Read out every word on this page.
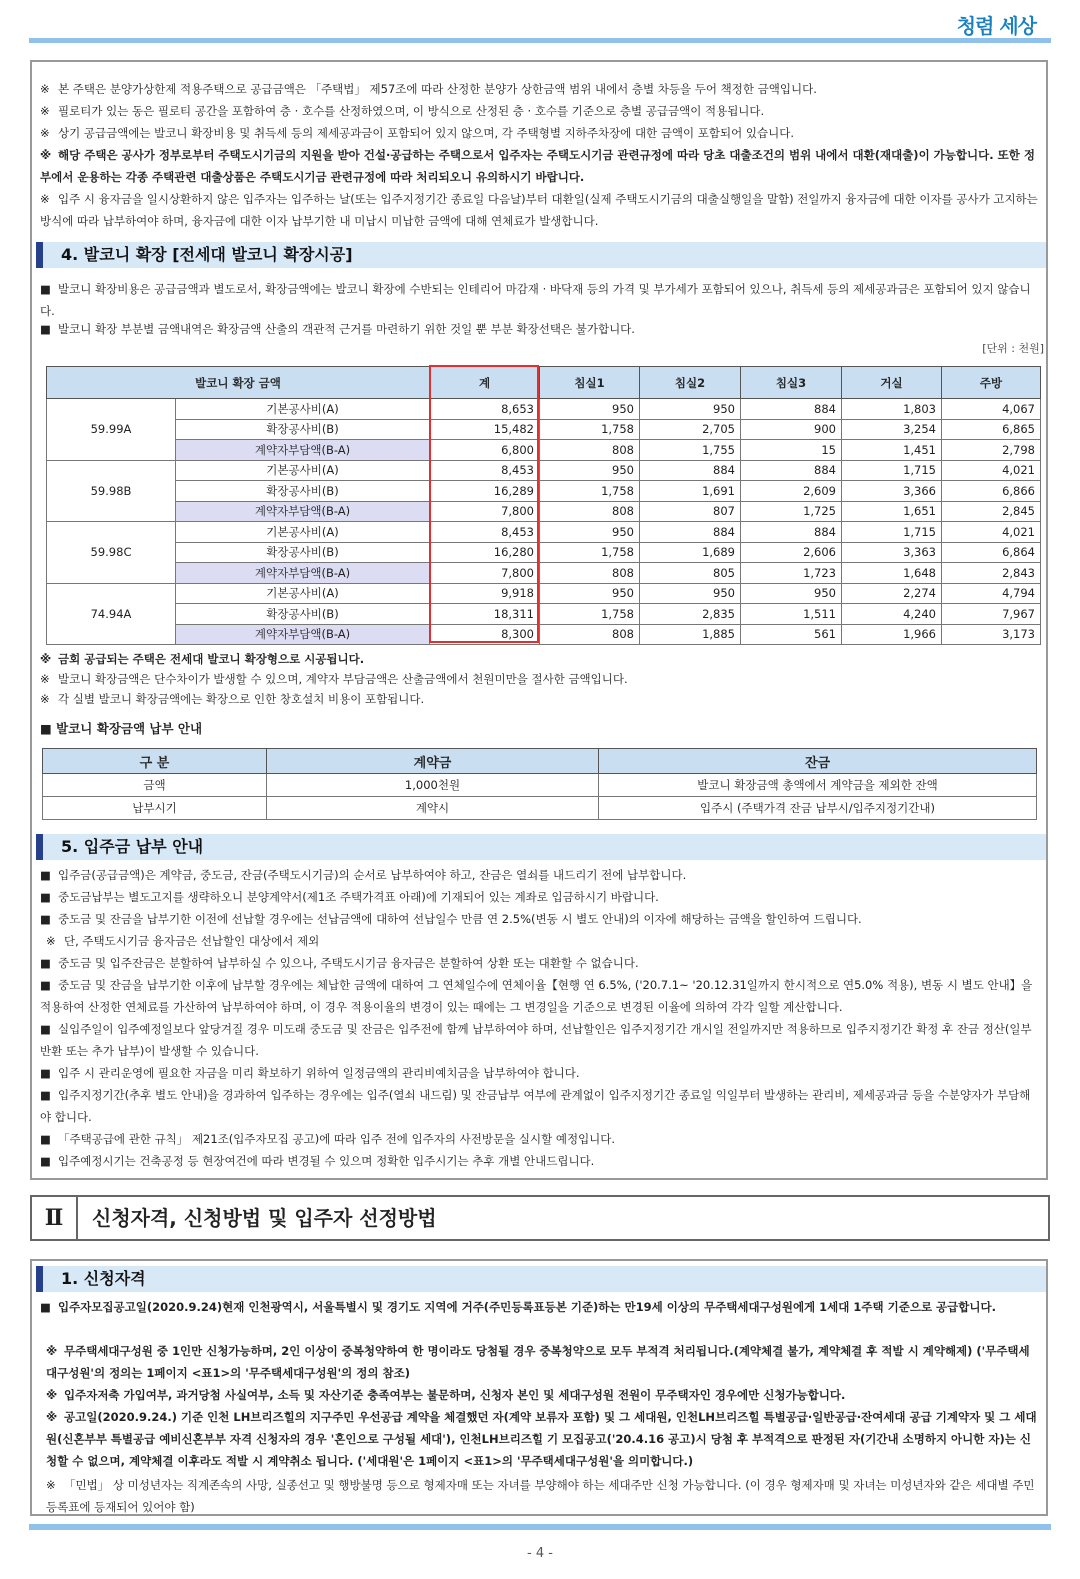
청렴 세상
※ 본 주택은 분양가상한제 적용주택으로 공급금액은 「주택법」 제57조에 따라 산정한 분양가 상한금액 범위 내에서 층별 차등을 두어 책정한 금액입니다.
※ 필로티가 있는 동은 필로티 공간을 포함하여 층 · 호수를 산정하였으며, 이 방식으로 산정된 층 · 호수를 기준으로 층별 공급금액이 적용됩니다.
※ 상기 공급금액에는 발코니 확장비용 및 취득세 등의 제세공과금이 포함되어 있지 않으며, 각 주택형별 지하주차장에 대한 금액이 포함되어 있습니다.
※ 해당 주택은 공사가 정부로부터 주택도시기금의 지원을 받아 건설·공급하는 주택으로서 입주자는 주택도시기금 관련규정에 따라 당초 대출조건의 범위 내에서 대환(재대출)이 가능합니다. 또한 정부에서 운용하는 각종 주택관련 대출상품은 주택도시기금 관련규정에 따라 처리되오니 유의하시기 바랍니다.
※ 입주 시 융자금을 일시상환하지 않은 입주자는 입주하는 날(또는 입주지정기간 종료일 다음날)부터 대환일(실제 주택도시기금의 대출실행일을 말함) 전일까지 융자금에 대한 이자를 공사가 고지하는 방식에 따라 납부하여야 하며, 융자금에 대한 이자 납부기한 내 미납시 미납한 금액에 대해 연체료가 발생합니다.
4. 발코니 확장 [전세대 발코니 확장시공]
■ 발코니 확장비용은 공급금액과 별도로서, 확장금액에는 발코니 확장에 수반되는 인테리어 마감재 · 바닥재 등의 가격 및 부가세가 포함되어 있으나, 취득세 등의 제세공과금은 포함되어 있지 않습니다.
■ 발코니 확장 부분별 금액내역은 확장금액 산출의 객관적 근거를 마련하기 위한 것일 뿐 부분 확장선택은 불가합니다.
[단위 : 천원]
발코니 확장 금액		계	침실1	침실2	침실3	거실	주방
59.99A	기본공사비(A)	8,653	950	950	884	1,803	4,067
	확장공사비(B)	15,482	1,758	2,705	900	3,254	6,865
	계약자부담액(B-A)	6,800	808	1,755	15	1,451	2,798
59.98B	기본공사비(A)	8,453	950	884	884	1,715	4,021
	확장공사비(B)	16,289	1,758	1,691	2,609	3,366	6,866
	계약자부담액(B-A)	7,800	808	807	1,725	1,651	2,845
59.98C	기본공사비(A)	8,453	950	884	884	1,715	4,021
	확장공사비(B)	16,280	1,758	1,689	2,606	3,363	6,864
	계약자부담액(B-A)	7,800	808	805	1,723	1,648	2,843
74.94A	기본공사비(A)	9,918	950	950	950	2,274	4,794
	확장공사비(B)	18,311	1,758	2,835	1,511	4,240	7,967
	계약자부담액(B-A)	8,300	808	1,885	561	1,966	3,173
※ 금회 공급되는 주택은 전세대 발코니 확장형으로 시공됩니다.
※ 발코니 확장금액은 단수차이가 발생할 수 있으며, 계약자 부담금액은 산출금액에서 천원미만을 절사한 금액입니다.
※ 각 실별 발코니 확장금액에는 확장으로 인한 창호설치 비용이 포함됩니다.
■ 발코니 확장금액 납부 안내
구 분	계약금	잔금
금액	1,000천원	발코니 확장금액 총액에서 계약금을 제외한 잔액
납부시기	계약시	입주시 (주택가격 잔금 납부시/입주지정기간내)
5. 입주금 납부 안내
■ 입주금(공급금액)은 계약금, 중도금, 잔금(주택도시기금)의 순서로 납부하여야 하고, 잔금은 열쇠를 내드리기 전에 납부합니다.
■ 중도금납부는 별도고지를 생략하오니 분양계약서(제1조 주택가격표 아래)에 기재되어 있는 계좌로 입금하시기 바랍니다.
■ 중도금 및 잔금을 납부기한 이전에 선납할 경우에는 선납금액에 대하여 선납일수 만큼 연 2.5%(변동 시 별도 안내)의 이자에 해당하는 금액을 할인하여 드립니다.
※ 단, 주택도시기금 융자금은 선납할인 대상에서 제외
■ 중도금 및 입주잔금은 분할하여 납부하실 수 있으나, 주택도시기금 융자금은 분할하여 상환 또는 대환할 수 없습니다.
■ 중도금 및 잔금을 납부기한 이후에 납부할 경우에는 체납한 금액에 대하여 그 연체일수에 연체이율【현행 연 6.5%, ('20.7.1~ '20.12.31일까지 한시적으로 연5.0% 적용), 변동 시 별도 안내】을 적용하여 산정한 연체료를 가산하여 납부하여야 하며, 이 경우 적용이율의 변경이 있는 때에는 그 변경일을 기준으로 변경된 이율에 의하여 각각 일할 계산합니다.
■ 실입주일이 입주예정일보다 앞당겨질 경우 미도래 중도금 및 잔금은 입주전에 함께 납부하여야 하며, 선납할인은 입주지정기간 개시일 전일까지만 적용하므로 입주지정기간 확정 후 잔금 정산(일부 반환 또는 추가 납부)이 발생할 수 있습니다.
■ 입주 시 관리운영에 필요한 자금을 미리 확보하기 위하여 일정금액의 관리비예치금을 납부하여야 합니다.
■ 입주지정기간(추후 별도 안내)을 경과하여 입주하는 경우에는 입주(열쇠 내드림) 및 잔금납부 여부에 관계없이 입주지정기간 종료일 익일부터 발생하는 관리비, 제세공과금 등을 수분양자가 부담해야 합니다.
■ 「주택공급에 관한 규칙」 제21조(입주자모집 공고)에 따라 입주 전에 입주자의 사전방문을 실시할 예정입니다.
■ 입주예정시기는 건축공정 등 현장여건에 따라 변경될 수 있으며 정확한 입주시기는 추후 개별 안내드립니다.
Ⅱ	신청자격, 신청방법 및 입주자 선정방법
1. 신청자격
■ 입주자모집공고일(2020.9.24)현재 인천광역시, 서울특별시 및 경기도 지역에 거주(주민등록표등본 기준)하는 만19세 이상의 무주택세대구성원에게 1세대 1주택 기준으로 공급합니다.
※ 무주택세대구성원 중 1인만 신청가능하며, 2인 이상이 중복청약하여 한 명이라도 당첨될 경우 중복청약으로 모두 부적격 처리됩니다.(계약체결 불가, 계약체결 후 적발 시 계약해제) ('무주택세대구성원'의 정의는 1페이지 <표1>의 '무주택세대구성원'의 정의 참조)
※ 입주자저축 가입여부, 과거당첨 사실여부, 소득 및 자산기준 충족여부는 불문하며, 신청자 본인 및 세대구성원 전원이 무주택자인 경우에만 신청가능합니다.
※ 공고일(2020.9.24.) 기준 인천 LH브리즈힐의 지구주민 우선공급 계약을 체결했던 자(계약 보류자 포함) 및 그 세대원, 인천LH브리즈힐 특별공급·일반공급·잔여세대 공급 기계약자 및 그 세대원(신혼부부 특별공급 예비신혼부부 자격 신청자의 경우 '혼인으로 구성될 세대'), 인천LH브리즈힐 기 모집공고('20.4.16 공고)시 당첨 후 부적격으로 판정된 자(기간내 소명하지 아니한 자)는 신청할 수 없으며, 계약체결 이후라도 적발 시 계약취소 됩니다. ('세대원'은 1페이지 <표1>의 '무주택세대구성원'을 의미합니다.)
※ 「민법」 상 미성년자는 직계존속의 사망, 실종선고 및 행방불명 등으로 형제자매 또는 자녀를 부양해야 하는 세대주만 신청 가능합니다. (이 경우 형제자매 및 자녀는 미성년자와 같은 세대별 주민등록표에 등재되어 있어야 함)
- 4 -
